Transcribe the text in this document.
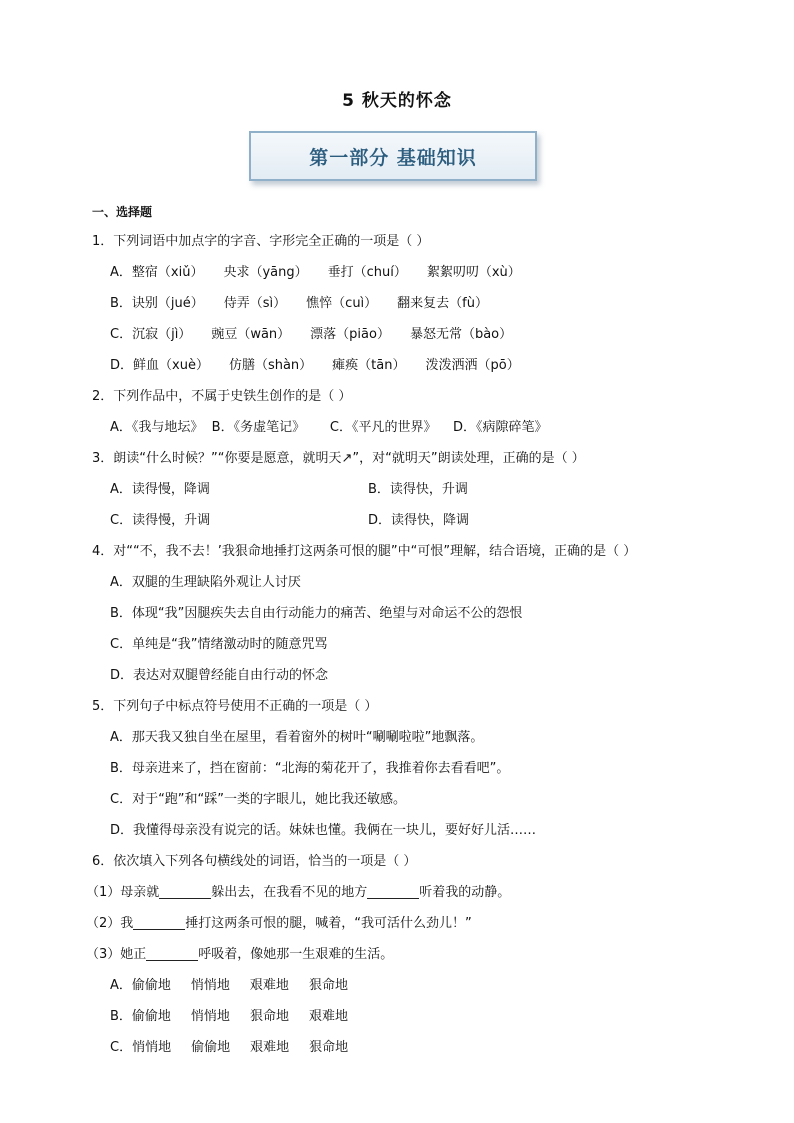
5 秋天的怀念
第一部分 基础知识
一、选择题
1．下列词语中加点字的字音、字形完全正确的一项是（ ）
A．整宿（xiǔ） 央求（yāng） 垂打（chuí） 絮絮叨叨（xù）
B．诀别（jué） 侍弄（sì） 憔悴（cuì） 翻来复去（fù）
C．沉寂（jì） 豌豆（wān） 漂落（piāo） 暴怒无常（bào）
D．鲜血（xuè） 仿膳（shàn） 瘫痪（tān） 泼泼洒洒（pō）
2．下列作品中，不属于史铁生创作的是（ ）
A．《我与地坛》  B．《务虚笔记》      C．《平凡的世界》    D．《病隙碎笔》
3．朗读“什么时候？”“你要是愿意，就明天↗”，对“就明天”朗读处理，正确的是（ ）
A．读得慢，降调	B．读得快，升调
C．读得慢，升调	D．读得快，降调
4．对““不，我不去！’我狠命地捶打这两条可恨的腿”中“可恨”理解，结合语境，正确的是（ ）
A．双腿的生理缺陷外观让人讨厌
B．体现“我”因腿疾失去自由行动能力的痛苦、绝望与对命运不公的怨恨
C．单纯是“我”情绪激动时的随意咒骂
D．表达对双腿曾经能自由行动的怀念
5．下列句子中标点符号使用不正确的一项是（ ）
A．那天我又独自坐在屋里，看着窗外的树叶“唰唰啦啦”地飘落。
B．母亲进来了，挡在窗前：“北海的菊花开了，我推着你去看看吧”。
C．对于“跑”和“踩”一类的字眼儿，她比我还敏感。
D．我懂得母亲没有说完的话。妹妹也懂。我俩在一块儿，要好好儿活……
6．依次填入下列各句横线处的词语，恰当的一项是（ ）
（1）母亲就	躲出去，在我看不见的地方	听着我的动静。
（2）我	捶打这两条可恨的腿，喊着，“我可活什么劲儿！”
（3）她正	呼吸着，像她那一生艰难的生活。
A．偷偷地 悄悄地 艰难地 狠命地
B．偷偷地 悄悄地 狠命地 艰难地
C．悄悄地 偷偷地 艰难地 狠命地
